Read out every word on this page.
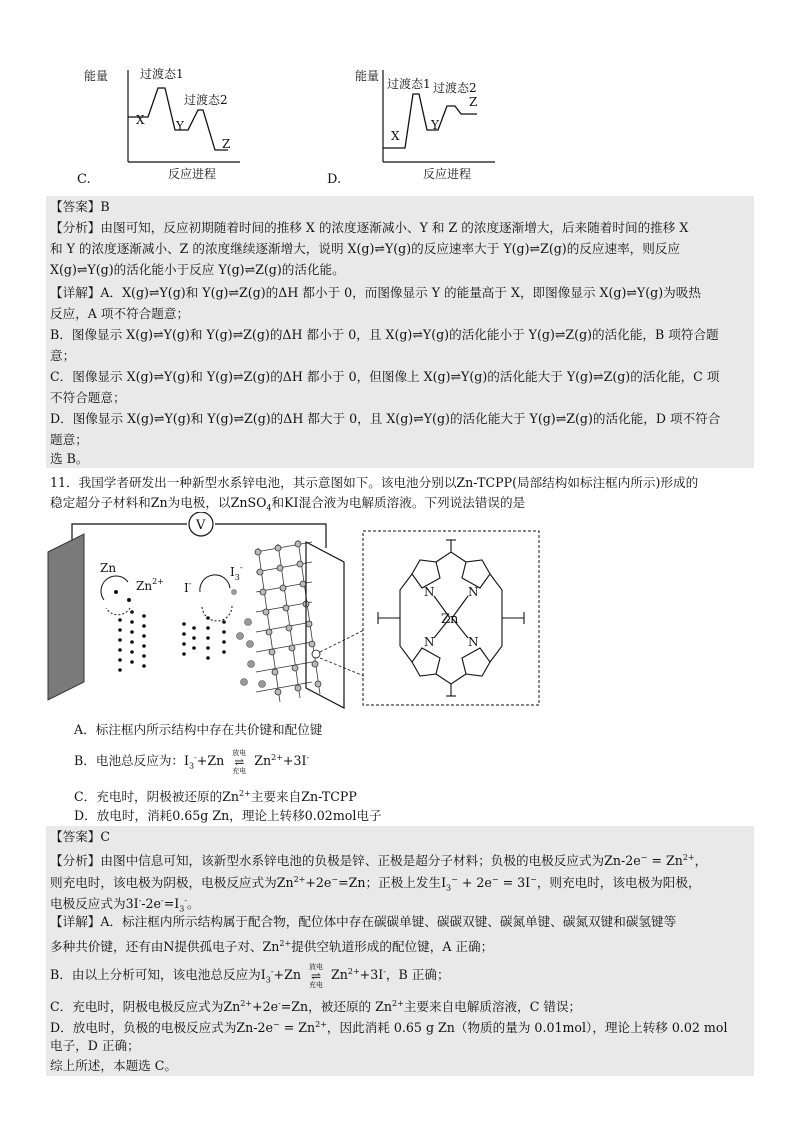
能量	过渡态1
过渡态2
X	Y
Z
反应进程
C.
能量
过渡态1 过渡态2
X
Y
Z
反应进程
D.
【答案】B
【分析】由图可知，反应初期随着时间的推移 X 的浓度逐渐减小、Y 和 Z 的浓度逐渐增大，后来随着时间的推移 X
和 Y 的浓度逐渐减小、Z 的浓度继续逐渐增大，说明 X(g)⇌Y(g)的反应速率大于 Y(g)⇌Z(g)的反应速率，则反应
X(g)⇌Y(g)的活化能小于反应 Y(g)⇌Z(g)的活化能。
【详解】A．X(g)⇌Y(g)和 Y(g)⇌Z(g)的ΔH 都小于 0，而图像显示 Y 的能量高于 X，即图像显示 X(g)⇌Y(g)为吸热
反应，A 项不符合题意；
B．图像显示 X(g)⇌Y(g)和 Y(g)⇌Z(g)的ΔH 都小于 0，且 X(g)⇌Y(g)的活化能小于 Y(g)⇌Z(g)的活化能，B 项符合题
意；
C．图像显示 X(g)⇌Y(g)和 Y(g)⇌Z(g)的ΔH 都小于 0，但图像上 X(g)⇌Y(g)的活化能大于 Y(g)⇌Z(g)的活化能，C 项
不符合题意；
D．图像显示 X(g)⇌Y(g)和 Y(g)⇌Z(g)的ΔH 都大于 0，且 X(g)⇌Y(g)的活化能大于 Y(g)⇌Z(g)的活化能，D 项不符合
题意；
选 B。
11．我国学者研发出一种新型水系锌电池，其示意图如下。该电池分别以Zn-TCPP(局部结构如标注框内所示)形成的
稳定超分子材料和Zn为电极，以ZnSO$_4$和KI混合液为电解质溶液。下列说法错误的是
V
Zn
$Zn^{2+}$ I-
$I_3^-$
N	N
N	N
Zn
A．标注框内所示结构中存在共价键和配位键
B．电池总反应为：$I_3^-+Zn$
放电
⇌
充电
$Zn^{2+}+3I^-$
C．充电时，阴极被还原的$Zn^{2+}$主要来自Zn-TCPP
D．放电时，消耗0.65g Zn，理论上转移0.02mol电子
【答案】C
【分析】由图中信息可知，该新型水系锌电池的负极是锌、正极是超分子材料；负极的电极反应式为$Zn-2e^- = Zn^{2+}$，
则充电时，该电极为阴极，电极反应式为$Zn^{2+}+2e^-=Zn$；正极上发生$I_3^- + 2e^- = 3I^-$，则充电时，该电极为阳极，
电极反应式为$3I^--2e^-=I_3^-$。
【详解】A．标注框内所示结构属于配合物，配位体中存在碳碳单键、碳碳双键、碳氮单键、碳氮双键和碳氢键等
多种共价键，还有由N提供孤电子对、$Zn^{2+}$提供空轨道形成的配位键，A 正确；
B．由以上分析可知，该电池总反应为$I_3^-+Zn$
放电
⇌
充电
$Zn^{2+}+3I^-$，B 正确；
C．充电时，阴极电极反应式为$Zn^{2+}+2e^-=Zn$，被还原的 $Zn^{2+}$主要来自电解质溶液，C 错误；
D．放电时，负极的电极反应式为$Zn-2e^- = Zn^{2+}$，因此消耗 0.65 g Zn（物质的量为 0.01mol），理论上转移 0.02 mol
电子，D 正确；
综上所述，本题选 C。
